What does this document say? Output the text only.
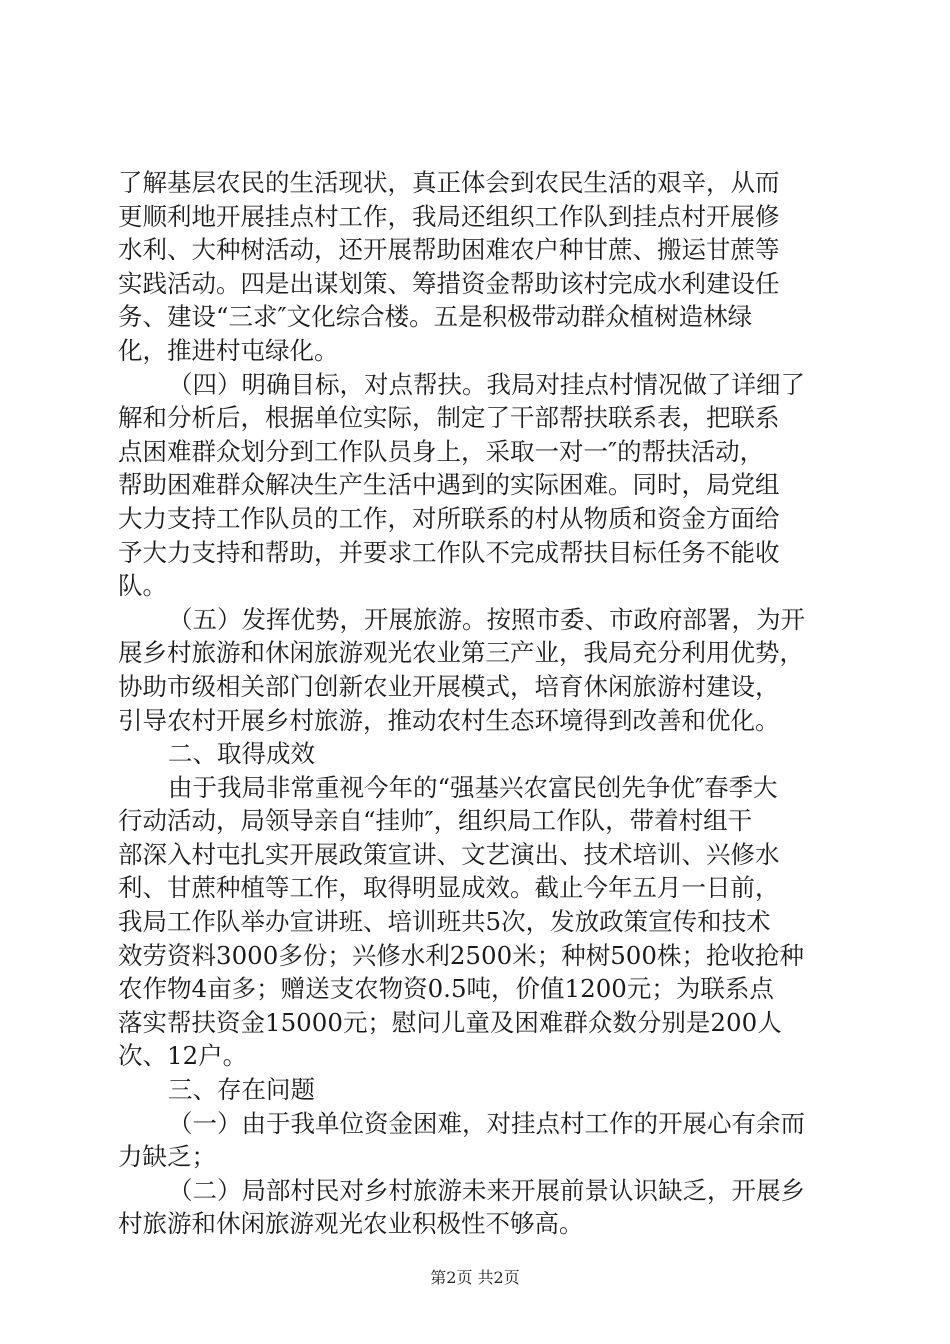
了解基层农民的生活现状，真正体会到农民生活的艰辛，从而
更顺利地开展挂点村工作，我局还组织工作队到挂点村开展修
水利、大种树活动，还开展帮助困难农户种甘蔗、搬运甘蔗等
实践活动。四是出谋划策、筹措资金帮助该村完成水利建设任
务、建设“三求″文化综合楼。五是积极带动群众植树造林绿
化，推进村屯绿化。
（四）明确目标，对点帮扶。我局对挂点村情况做了详细了
解和分析后，根据单位实际，制定了干部帮扶联系表，把联系
点困难群众划分到工作队员身上，采取一对一″的帮扶活动，
帮助困难群众解决生产生活中遇到的实际困难。同时，局党组
大力支持工作队员的工作，对所联系的村从物质和资金方面给
予大力支持和帮助，并要求工作队不完成帮扶目标任务不能收
队。
（五）发挥优势，开展旅游。按照市委、市政府部署，为开
展乡村旅游和休闲旅游观光农业第三产业，我局充分利用优势，
协助市级相关部门创新农业开展模式，培育休闲旅游村建设，
引导农村开展乡村旅游，推动农村生态环境得到改善和优化。
二、取得成效
由于我局非常重视今年的“强基兴农富民创先争优″春季大
行动活动，局领导亲自“挂帅″，组织局工作队，带着村组干
部深入村屯扎实开展政策宣讲、文艺演出、技术培训、兴修水
利、甘蔗种植等工作，取得明显成效。截止今年五月一日前，
我局工作队举办宣讲班、培训班共5次，发放政策宣传和技术
效劳资料3000多份；兴修水利2500米；种树500株；抢收抢种
农作物4亩多；赠送支农物资0.5吨，价值1200元；为联系点
落实帮扶资金15000元；慰问儿童及困难群众数分别是200人
次、12户。
三、存在问题
（一）由于我单位资金困难，对挂点村工作的开展心有余而
力缺乏；
（二）局部村民对乡村旅游未来开展前景认识缺乏，开展乡
村旅游和休闲旅游观光农业积极性不够高。
第2页 共2页
